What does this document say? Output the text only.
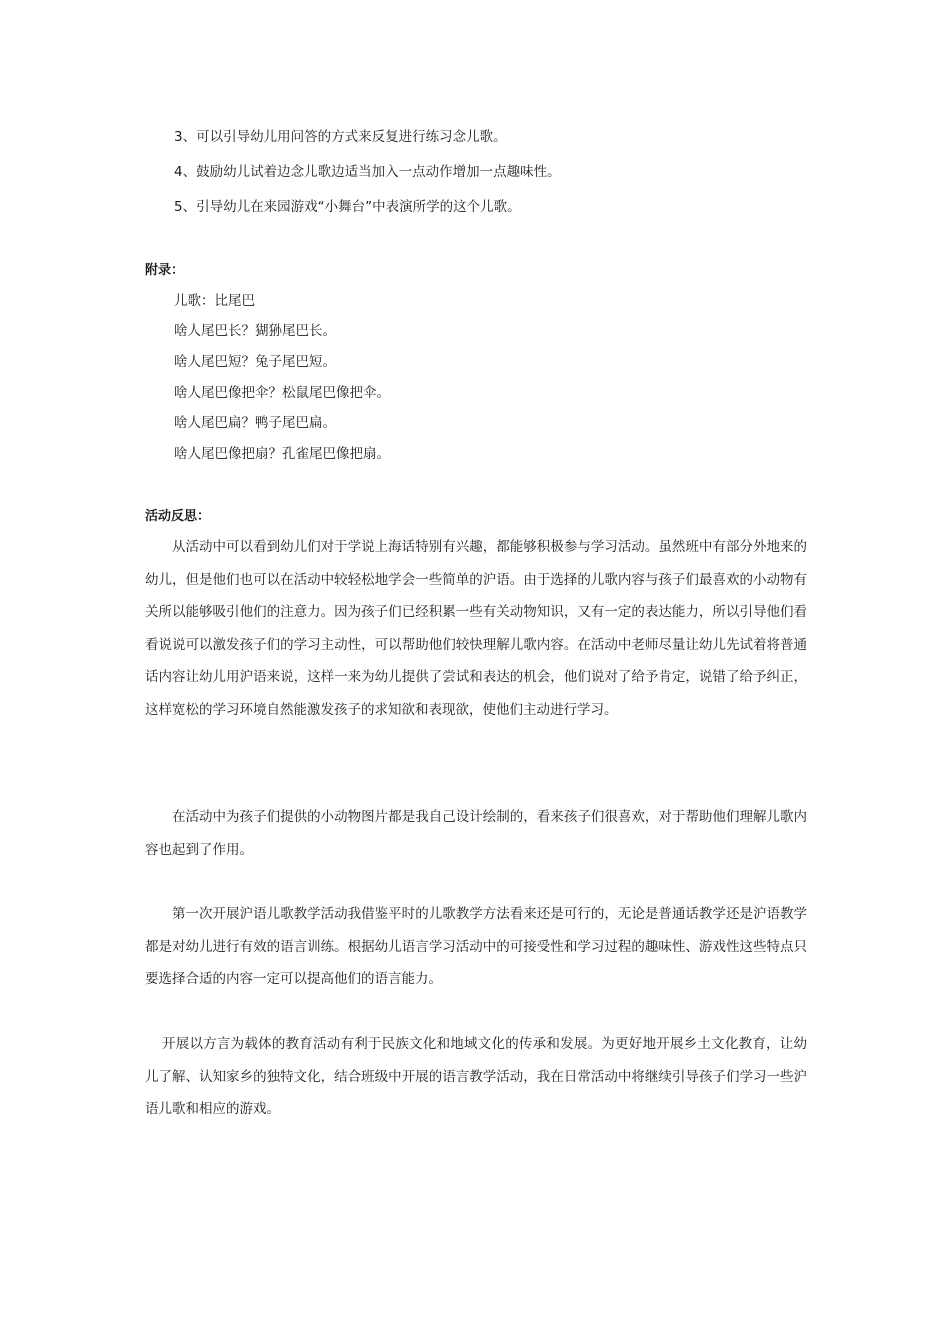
3、可以引导幼儿用问答的方式来反复进行练习念儿歌。
4、鼓励幼儿试着边念儿歌边适当加入一点动作增加一点趣味性。
5、引导幼儿在来园游戏“小舞台”中表演所学的这个儿歌。
附录：
儿歌：比尾巴
啥人尾巴长？猢狲尾巴长。
啥人尾巴短？兔子尾巴短。
啥人尾巴像把伞？松鼠尾巴像把伞。
啥人尾巴扁？鸭子尾巴扁。
啥人尾巴像把扇？孔雀尾巴像把扇。
活动反思：
从活动中可以看到幼儿们对于学说上海话特别有兴趣，都能够积极参与学习活动。虽然班中有部分外地来的幼儿，但是他们也可以在活动中较轻松地学会一些简单的沪语。由于选择的儿歌内容与孩子们最喜欢的小动物有关所以能够吸引他们的注意力。因为孩子们已经积累一些有关动物知识，又有一定的表达能力，所以引导他们看看说说可以激发孩子们的学习主动性，可以帮助他们较快理解儿歌内容。在活动中老师尽量让幼儿先试着将普通话内容让幼儿用沪语来说，这样一来为幼儿提供了尝试和表达的机会，他们说对了给予肯定，说错了给予纠正，这样宽松的学习环境自然能激发孩子的求知欲和表现欲，使他们主动进行学习。
在活动中为孩子们提供的小动物图片都是我自己设计绘制的，看来孩子们很喜欢，对于帮助他们理解儿歌内容也起到了作用。
第一次开展沪语儿歌教学活动我借鉴平时的儿歌教学方法看来还是可行的，无论是普通话教学还是沪语教学都是对幼儿进行有效的语言训练。根据幼儿语言学习活动中的可接受性和学习过程的趣味性、游戏性这些特点只要选择合适的内容一定可以提高他们的语言能力。
开展以方言为载体的教育活动有利于民族文化和地域文化的传承和发展。为更好地开展乡土文化教育，让幼儿了解、认知家乡的独特文化，结合班级中开展的语言教学活动，我在日常活动中将继续引导孩子们学习一些沪语儿歌和相应的游戏。
